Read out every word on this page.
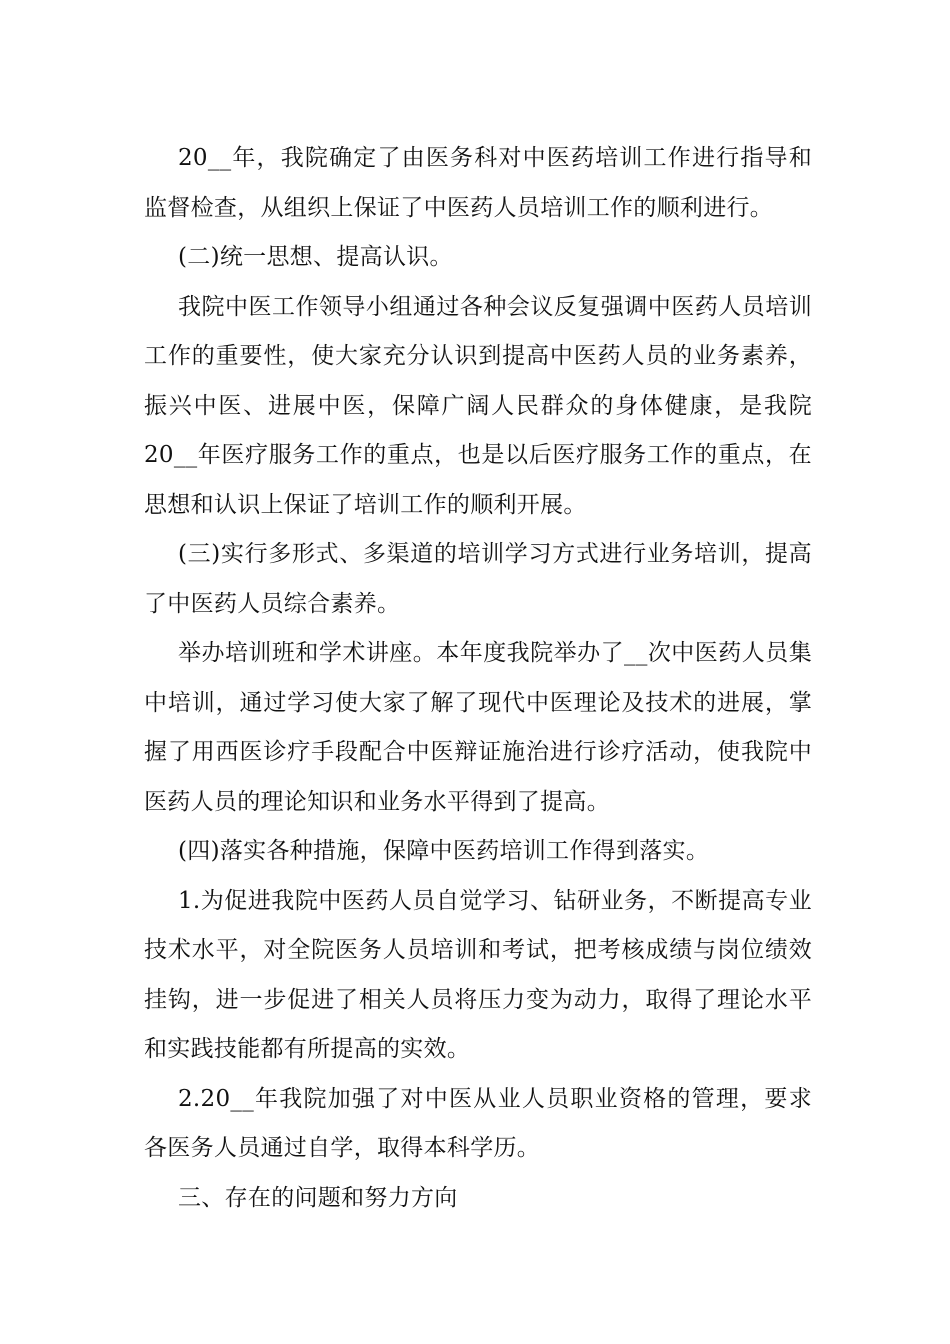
20__年，我院确定了由医务科对中医药培训工作进行指导和监督检查，从组织上保证了中医药人员培训工作的顺利进行。

(二)统一思想、提高认识。

我院中医工作领导小组通过各种会议反复强调中医药人员培训工作的重要性，使大家充分认识到提高中医药人员的业务素养，振兴中医、进展中医，保障广阔人民群众的身体健康，是我院 20__年医疗服务工作的重点，也是以后医疗服务工作的重点，在思想和认识上保证了培训工作的顺利开展。

(三)实行多形式、多渠道的培训学习方式进行业务培训，提高了中医药人员综合素养。

举办培训班和学术讲座。本年度我院举办了__次中医药人员集中培训，通过学习使大家了解了现代中医理论及技术的进展，掌握了用西医诊疗手段配合中医辩证施治进行诊疗活动，使我院中医药人员的理论知识和业务水平得到了提高。

(四)落实各种措施，保障中医药培训工作得到落实。

1.为促进我院中医药人员自觉学习、钻研业务，不断提高专业技术水平，对全院医务人员培训和考试，把考核成绩与岗位绩效挂钩，进一步促进了相关人员将压力变为动力，取得了理论水平和实践技能都有所提高的实效。

2.20__年我院加强了对中医从业人员职业资格的管理，要求各医务人员通过自学，取得本科学历。

三、存在的问题和努力方向
